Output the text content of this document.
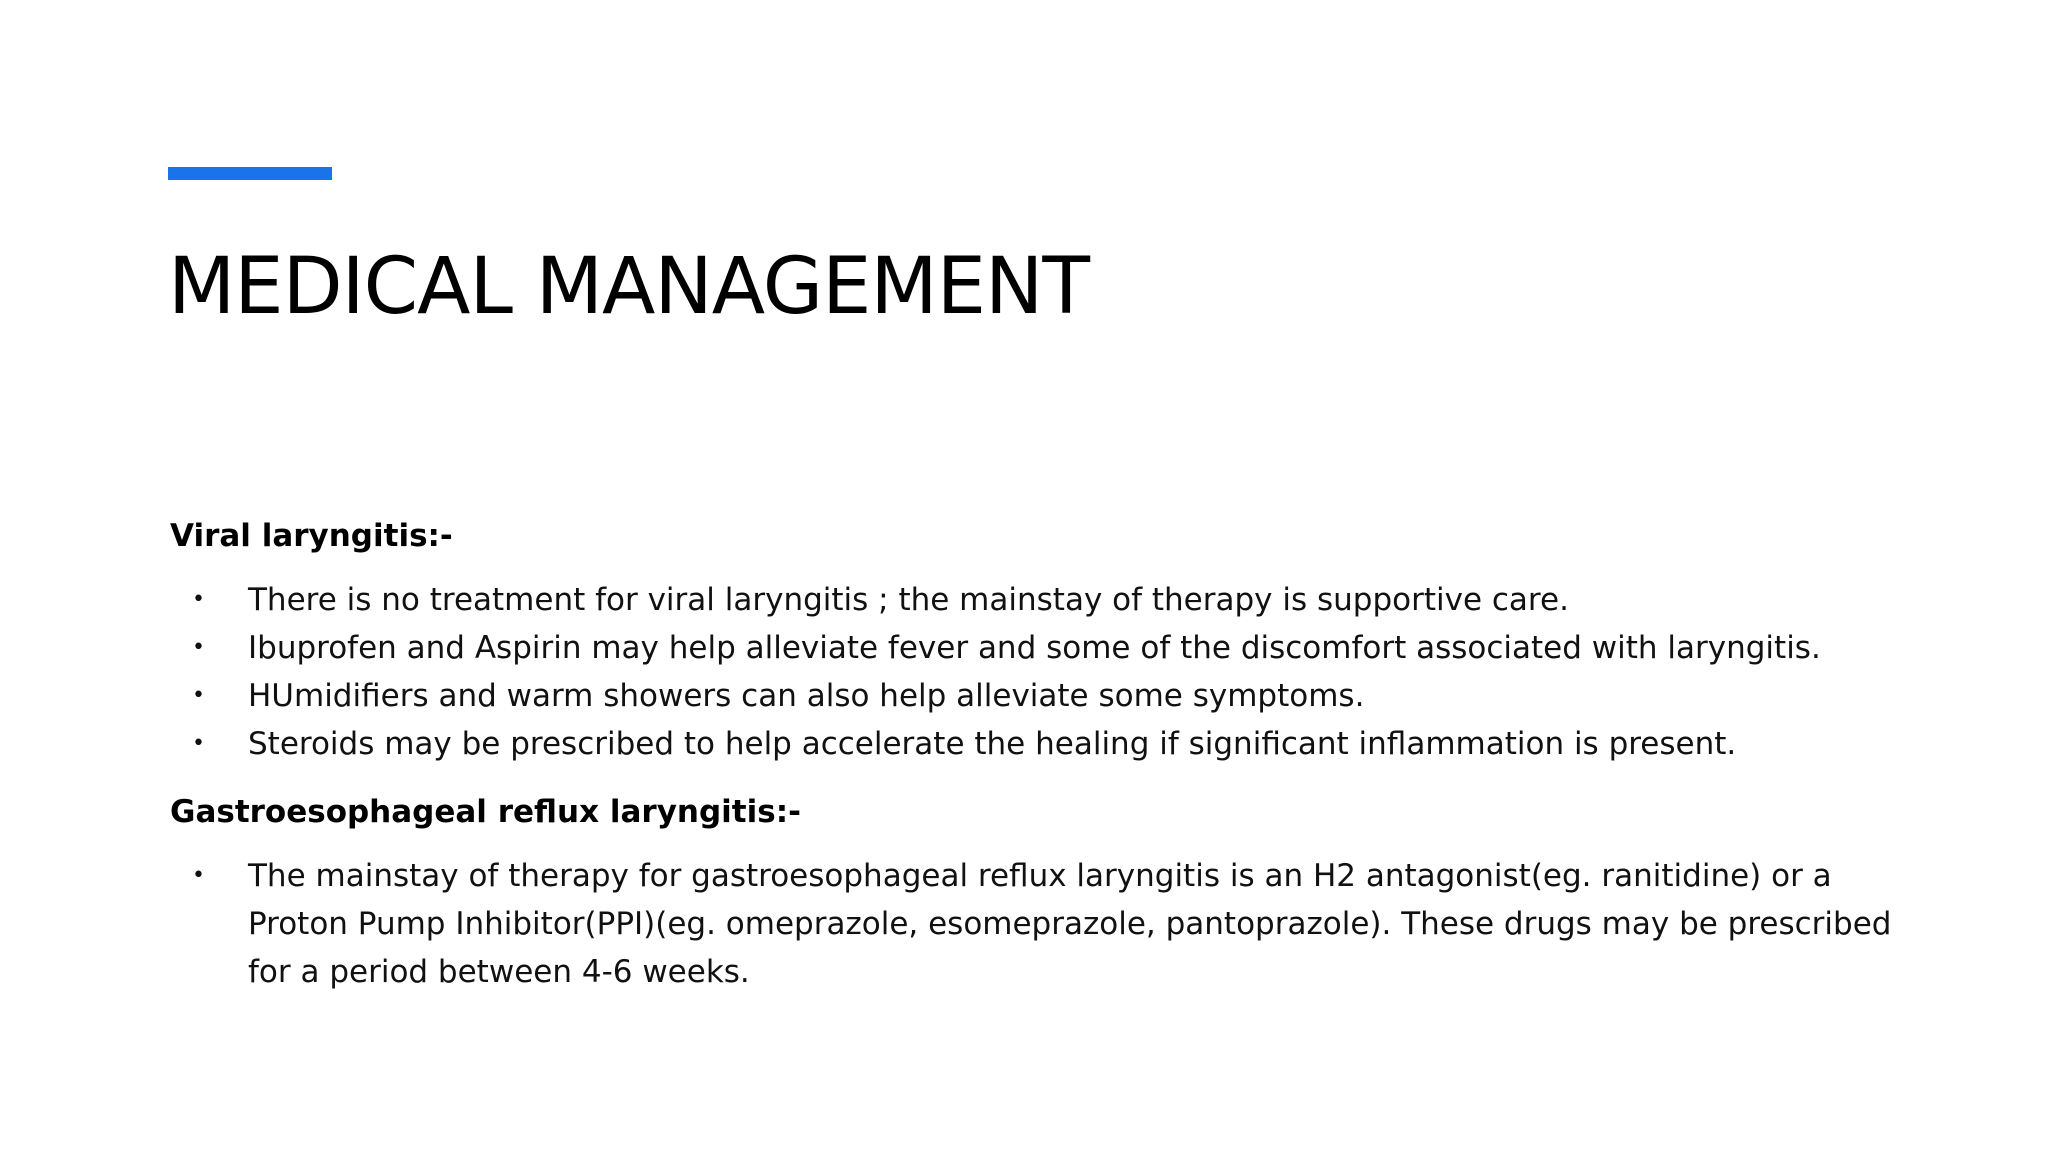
MEDICAL MANAGEMENT
Viral laryngitis:-
• There is no treatment for viral laryngitis ; the mainstay of therapy is supportive care.
• Ibuprofen and Aspirin may help alleviate fever and some of the discomfort associated with laryngitis.
• HUmidifiers and warm showers can also help alleviate some symptoms.
• Steroids may be prescribed to help accelerate the healing if significant inflammation is present.
Gastroesophageal reflux laryngitis:-
• The mainstay of therapy for gastroesophageal reflux laryngitis is an H2 antagonist(eg. ranitidine) or a Proton Pump Inhibitor(PPI)(eg. omeprazole, esomeprazole, pantoprazole). These drugs may be prescribed for a period between 4-6 weeks.
